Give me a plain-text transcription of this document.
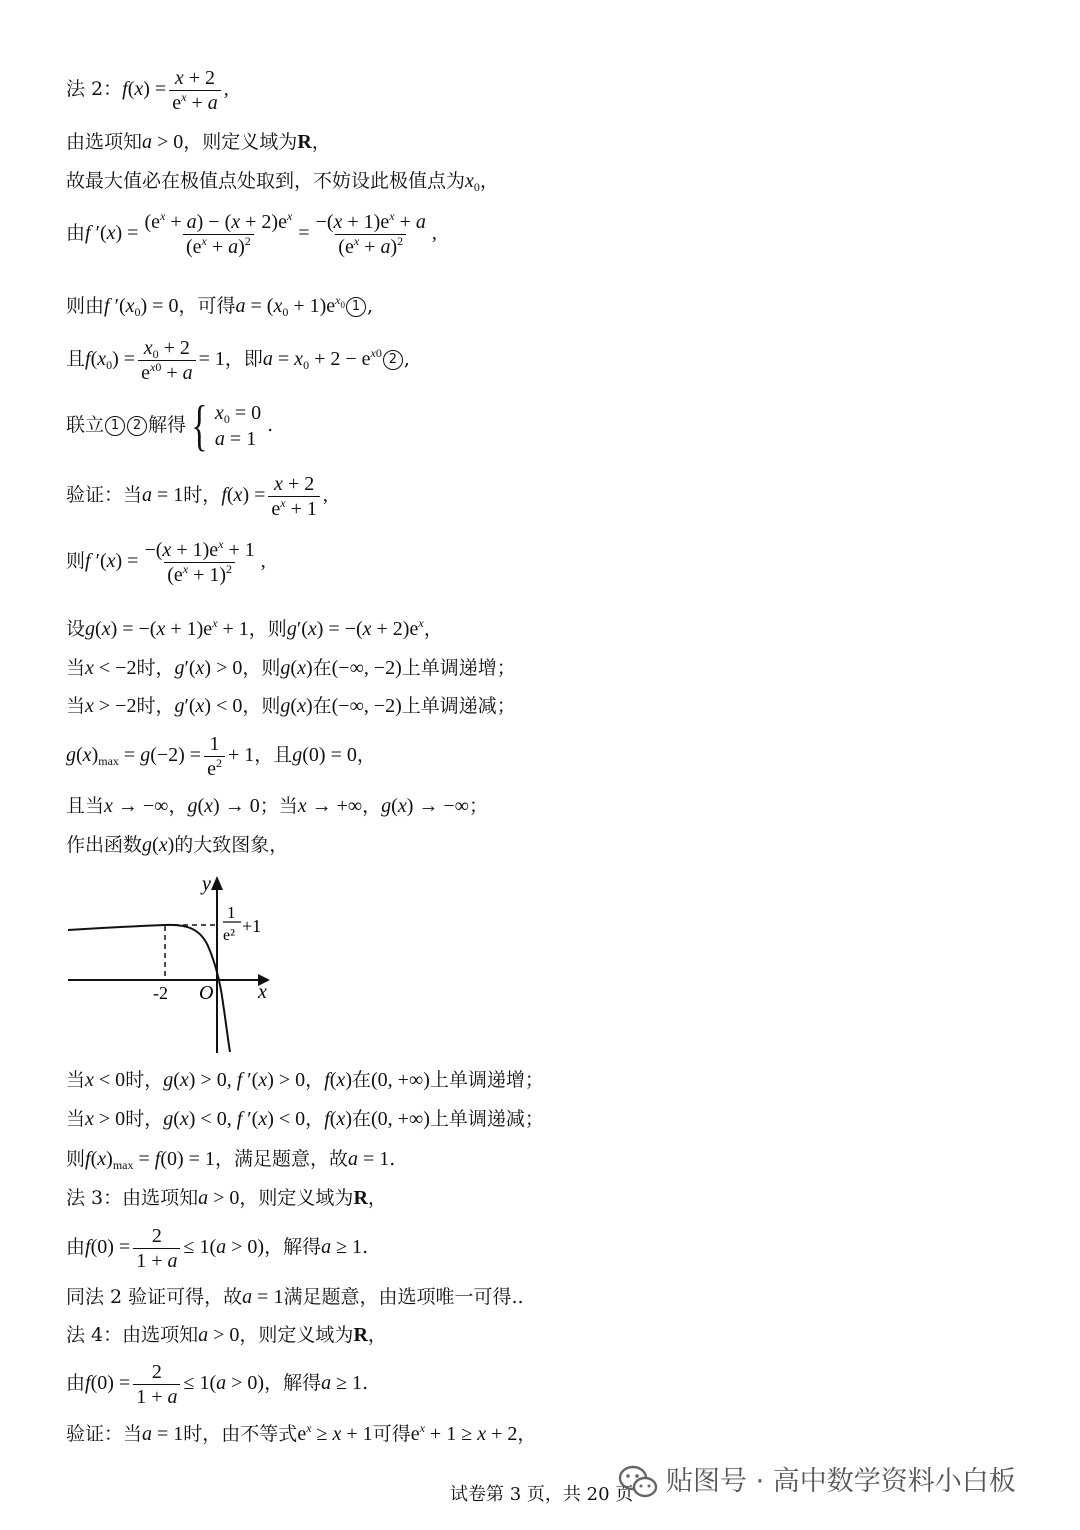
法 2：$f(x) = \frac{x + 2}{e^x + a}$ ,
由选项知a > 0，则定义域为R，
故最大值必在极值点处取到，不妨设此极值点为$x_0$，
由f $'(x) = \frac{(e^x + a) - (x + 2)e^x}{(e^x + a)^2} = \frac{-(x + 1)e^x + a}{(e^x + a)^2}$ ,
则由f $'(x_0) = 0$，可得$a = (x_0 + 1)e^{x_0}$ 1 ,
且$f(x_0) = \frac{x_0 + 2}{e^{x0} + a} = 1$，即$a = x_0 + 2 - e^{x0}$ 2 ,
联立 1 2 解得 { $x_0 = 0$
a = 1
.
验证：当a = 1时，$f(x) = \frac{x + 2}{e^x + 1}$ ,
则f $'(x) = \frac{-(x + 1)e^x + 1}{(e^x + 1)^2}$ ,
设$g(x) = -(x + 1)e^x + 1$，则$g'(x) = -(x + 2)e^x$，
当x < −2时，g′(x) > 0，则g(x)在(−∞, −2)上单调递增；
当x > −2时，g′(x) < 0，则g(x)在(−∞, −2)上单调递减；
$g(x)_{max} = g(-2) = \frac{1}{e^2} + 1$，且g(0) = 0，
且当x → −∞，g(x) → 0；当x → +∞，g(x) → −∞；
作出函数g(x)的大致图象，
y
x
O
-2
1
e² +1
当x < 0时，g(x) > 0, f ′(x) > 0，f(x)在(0, +∞)上单调递增；
当x > 0时，g(x) < 0, f ′(x) < 0，f(x)在(0, +∞)上单调递减；
则$f(x)_{max} = f(0) = 1$，满足题意，故a = 1.
法 3：由选项知a > 0，则定义域为R，
由$f(0) = \frac{2}{1 + a} \le 1(a > 0)$，解得a ≥ 1.
同法 2 验证可得，故a = 1满足题意，由选项唯一可得..
法 4：由选项知a > 0，则定义域为R，
由$f(0) = \frac{2}{1 + a} \le 1(a > 0)$，解得a ≥ 1.
验证：当a = 1时，由不等式$e^x \ge x + 1$可得$e^x + 1 \ge x + 2$，
试卷第 3 页，共 20 页 贴图号 · 高中数学资料小白板
